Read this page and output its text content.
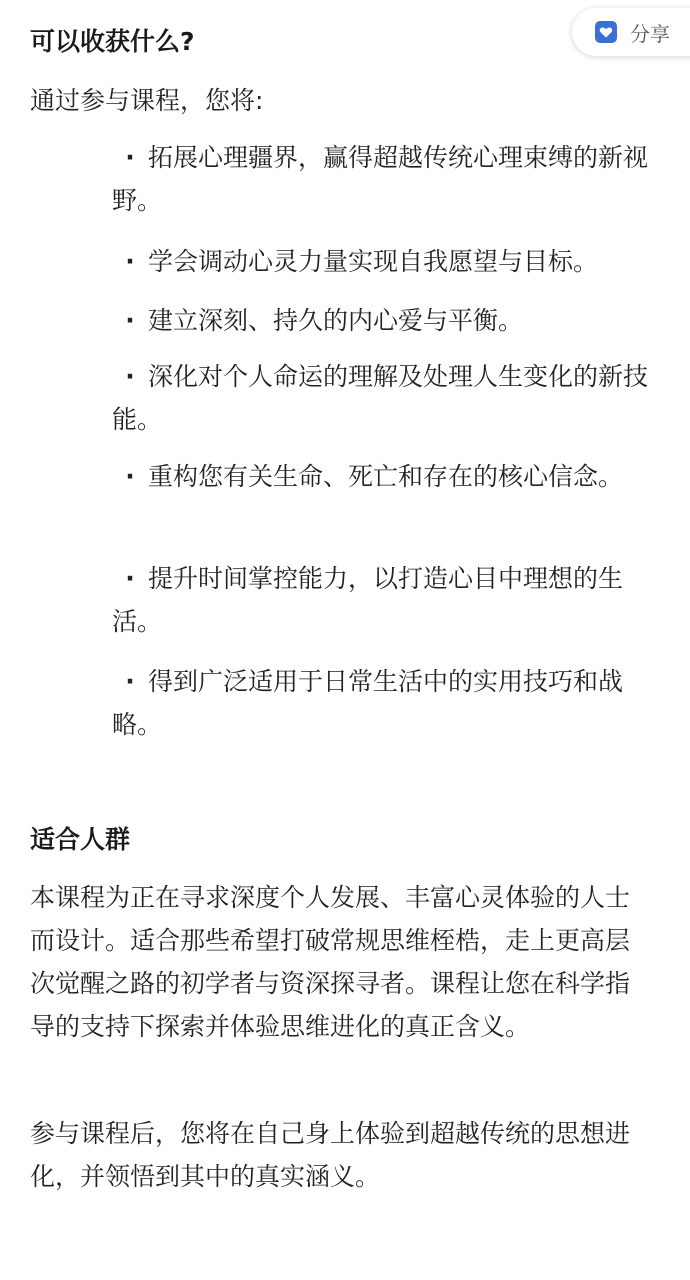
可以收获什么?

通过参与课程，您将:

· 拓展心理疆界，赢得超越传统心理束缚的新视野。

· 学会调动心灵力量实现自我愿望与目标。

· 建立深刻、持久的内心爱与平衡。

· 深化对个人命运的理解及处理人生变化的新技能。

· 重构您有关生命、死亡和存在的核心信念。

· 提升时间掌控能力，以打造心目中理想的生活。

· 得到广泛适用于日常生活中的实用技巧和战略。

适合人群

本课程为正在寻求深度个人发展、丰富心灵体验的人士而设计。适合那些希望打破常规思维桎梏，走上更高层次觉醒之路的初学者与资深探寻者。课程让您在科学指导的支持下探索并体验思维进化的真正含义。

参与课程后，您将在自己身上体验到超越传统的思想进化，并领悟到其中的真实涵义。

分享
